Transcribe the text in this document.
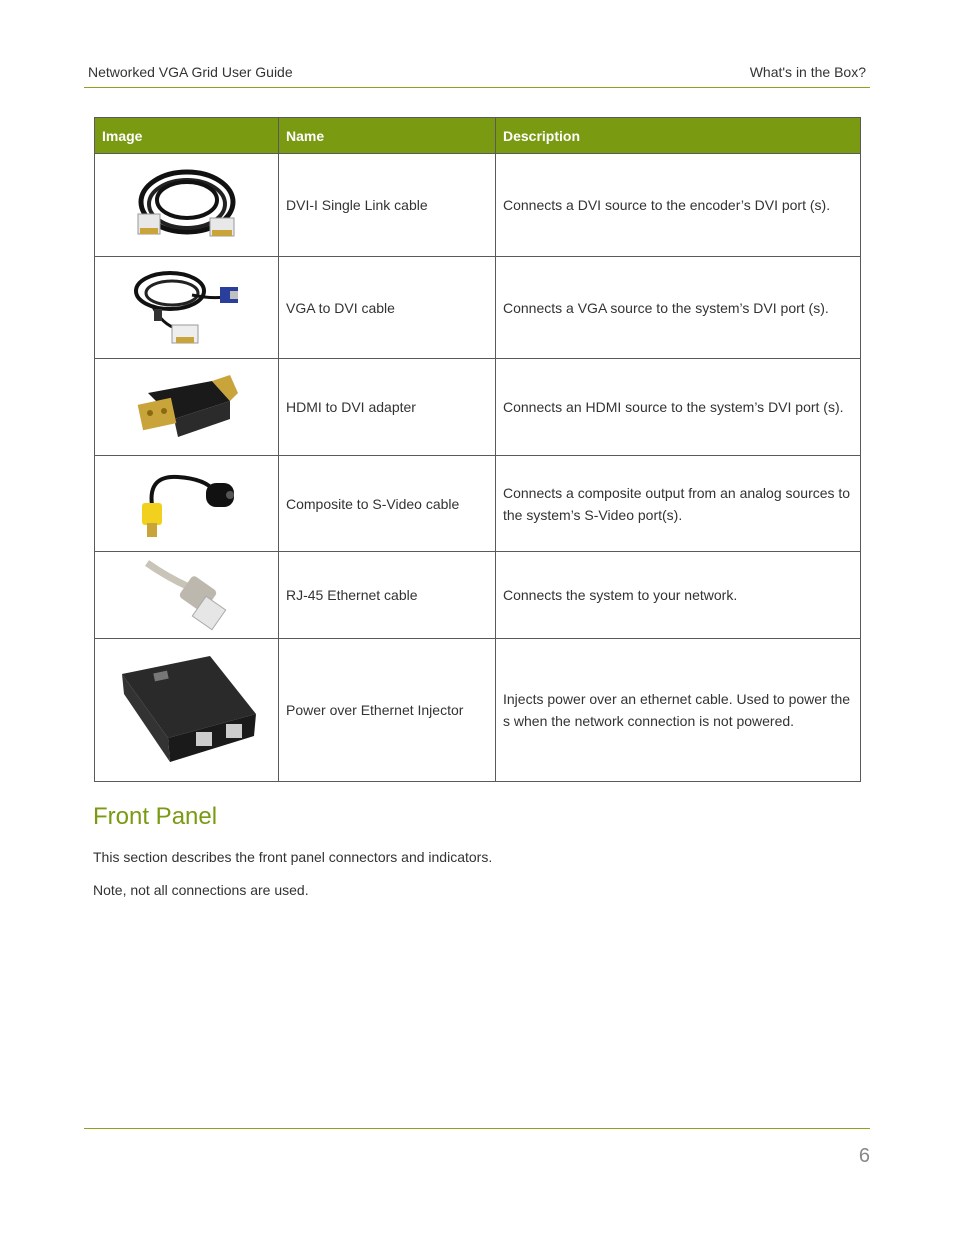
Networked VGA Grid User Guide	What's in the Box?
Image	Name	Description

	DVI-I Single Link cable	Connects a DVI source to the encoder’s DVI port (s).

	VGA to DVI cable	Connects a VGA source to the system’s DVI port (s).

	HDMI to DVI adapter	Connects an HDMI source to the system’s DVI port (s).

	Composite to S-Video cable	Connects a composite output from an analog sources to the system’s S-Video port(s).

	RJ-45 Ethernet cable	Connects the system to your network.

	Power over Ethernet Injector	Injects power over an ethernet cable. Used to power the s when the network connection is not powered.
Front Panel

This section describes the front panel connectors and indicators.

Note, not all connections are used.

6
